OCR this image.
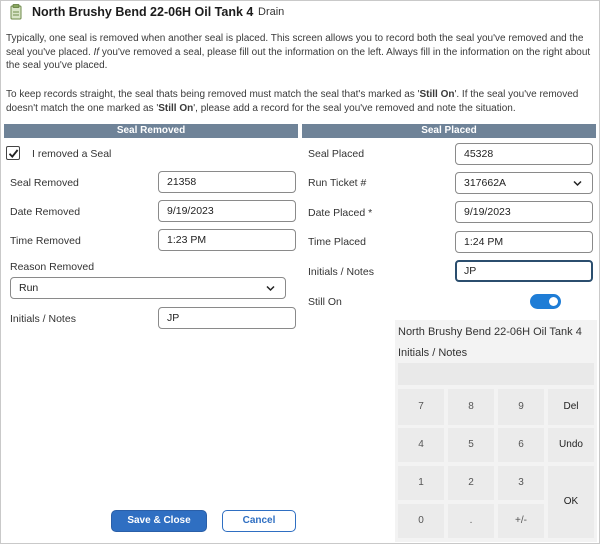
North Brushy Bend 22-06H Oil Tank 4 Drain
Typically, one seal is removed when another seal is placed. This screen allows you to record both the seal you've removed and the seal you've placed. If you've removed a seal, please fill out the information on the left. Always fill in the information on the right about the seal you've placed.
To keep records straight, the seal thats being removed must match the seal that's marked as 'Still On'. If the seal you've removed doesn't match the one marked as 'Still On', please add a record for the seal you've removed and note the situation.
Seal Removed	Seal Placed
I removed a Seal
Seal Removed	21358
Date Removed	9/19/2023
Time Removed	1:23 PM
Reason Removed
Run
Initials / Notes	JP
Seal Placed	45328
Run Ticket #	317662A
Date Placed *	9/19/2023
Time Placed	1:24 PM
Initials / Notes	JP
Still On
North Brushy Bend 22-06H Oil Tank 4
Initials / Notes
7	8	9	Del
4	5	6	Undo
1	2	3
OK
0	.	+/-
Save & Close	Cancel
